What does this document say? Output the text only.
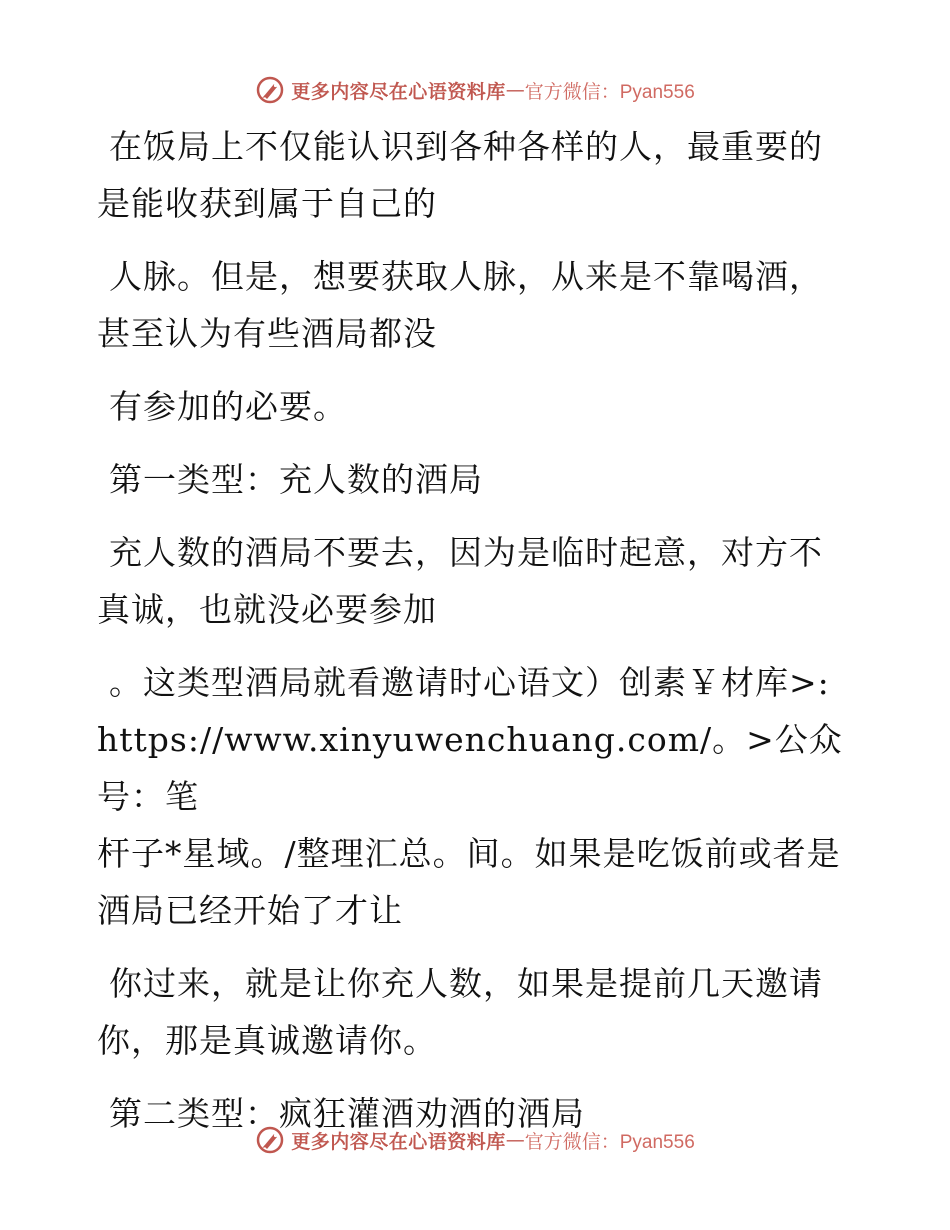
更多内容尽在心语资料库 — 官方微信：Pyan556

在饭局上不仅能认识到各种各样的人，最重要的
是能收获到属于自己的

人脉。但是，想要获取人脉，从来是不靠喝酒，
甚至认为有些酒局都没

有参加的必要。

第一类型：充人数的酒局

充人数的酒局不要去，因为是临时起意，对方不
真诚，也就没必要参加

。这类型酒局就看邀请时心语文）创素￥材库>:
https://www.xinyuwenchuang.com/。>公众号：笔
杆子*星域。/整理汇总。间。如果是吃饭前或者是
酒局已经开始了才让

你过来，就是让你充人数，如果是提前几天邀请
你，那是真诚邀请你。

第二类型：疯狂灌酒劝酒的酒局

更多内容尽在心语资料库 — 官方微信：Pyan556
